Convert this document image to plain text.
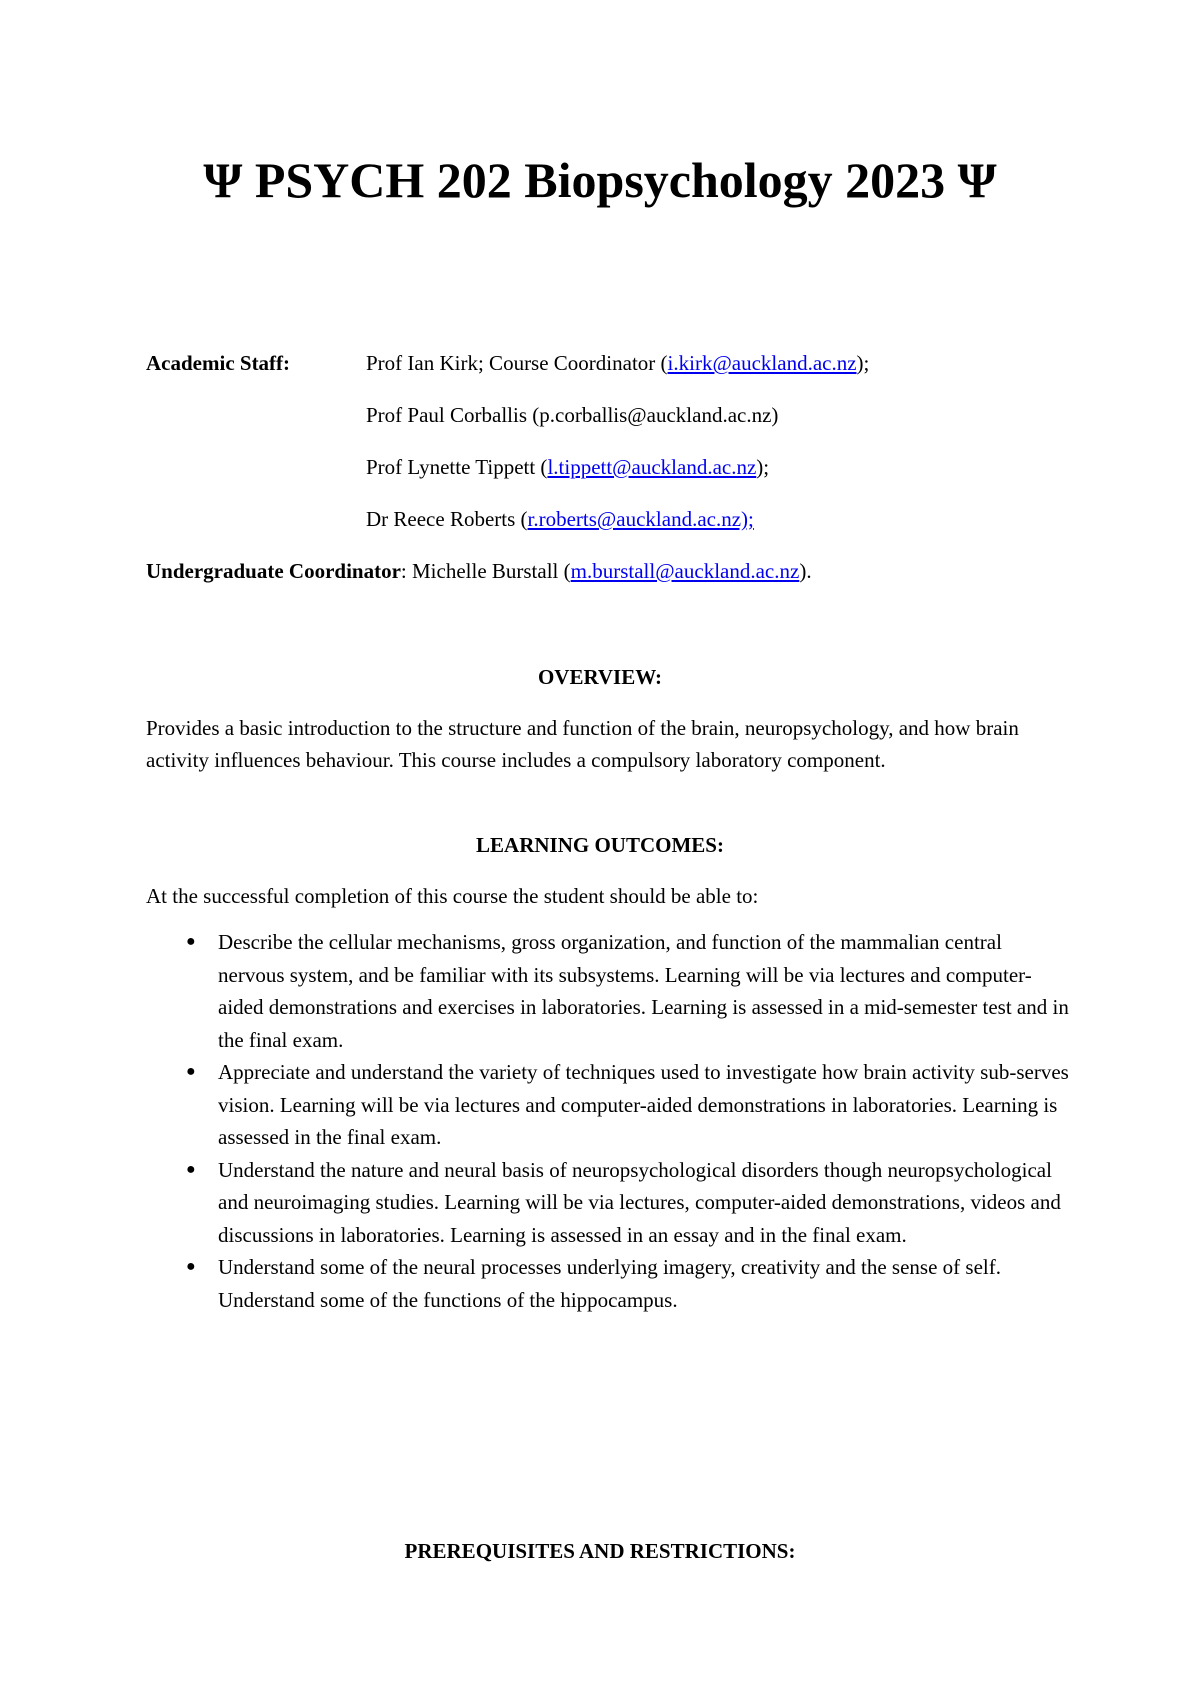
Ψ PSYCH 202 Biopsychology 2023 Ψ
Academic Staff:	Prof Ian Kirk; Course Coordinator (i.kirk@auckland.ac.nz);
Prof Paul Corballis (p.corballis@auckland.ac.nz)
Prof Lynette Tippett (l.tippett@auckland.ac.nz);
Dr Reece Roberts (r.roberts@auckland.ac.nz);
Undergraduate Coordinator: Michelle Burstall (m.burstall@auckland.ac.nz).
OVERVIEW:
Provides a basic introduction to the structure and function of the brain, neuropsychology, and how brain activity influences behaviour. This course includes a compulsory laboratory component.
LEARNING OUTCOMES:
At the successful completion of this course the student should be able to:
● Describe the cellular mechanisms, gross organization, and function of the mammalian central nervous system, and be familiar with its subsystems. Learning will be via lectures and computer-aided demonstrations and exercises in laboratories. Learning is assessed in a mid-semester test and in the final exam.
● Appreciate and understand the variety of techniques used to investigate how brain activity sub-serves vision. Learning will be via lectures and computer-aided demonstrations in laboratories. Learning is assessed in the final exam.
● Understand the nature and neural basis of neuropsychological disorders though neuropsychological and neuroimaging studies. Learning will be via lectures, computer-aided demonstrations, videos and discussions in laboratories. Learning is assessed in an essay and in the final exam.
● Understand some of the neural processes underlying imagery, creativity and the sense of self. Understand some of the functions of the hippocampus.
PREREQUISITES AND RESTRICTIONS:
